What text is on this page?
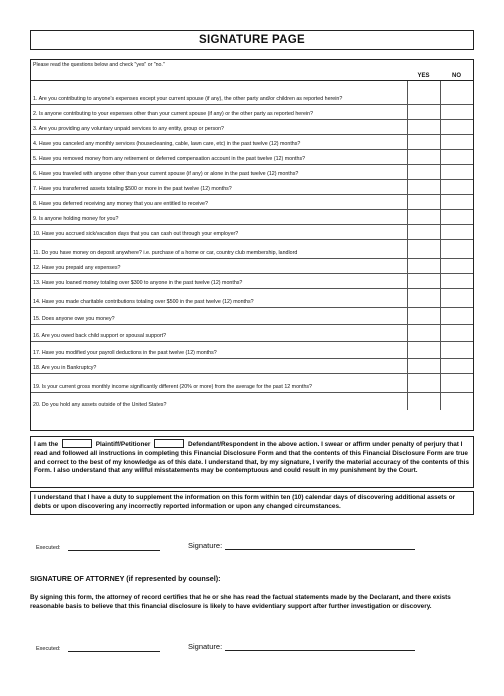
SIGNATURE PAGE
Please read the questions below and check "yes" or "no."
YES	NO
1. Are you contributing to anyone's expenses except your current spouse (if any), the other party and/or children as reported herein?
2. Is anyone contributing to your expenses other than your current spouse (if any) or the other party as reported herein?
3. Are you providing any voluntary unpaid services to any entity, group or person?
4. Have you canceled any monthly services (housecleaning, cable, lawn care, etc) in the past twelve (12) months?
5. Have you removed money from any retirement or deferred compensation account in the past twelve (12) months?
6. Have you traveled with anyone other than your current spouse (if any) or alone in the past twelve (12) months?
7. Have you transferred assets totaling $500 or more in the past twelve (12) months?
8. Have you deferred receiving any money that you are entitled to receive?
9. Is anyone holding money for you?
10. Have you accrued sick/vacation days that you can cash out through your employer?
11. Do you have money on deposit anywhere? i.e. purchase of a home or car, country club membership, landlord
12. Have you prepaid any expenses?
13. Have you loaned money totaling over $300 to anyone in the past twelve (12) months?
14. Have you made charitable contributions totaling over $500 in the past twelve (12) months?
15. Does anyone owe you money?
16. Are you owed back child support or spousal support?
17. Have you modified your payroll deductions in the past twelve (12) months?
18. Are you in Bankruptcy?
19. Is your current gross monthly income significantly different (20% or more) from the average for the past 12 months?
20. Do you hold any assets outside of the United States?
I am the	Plaintiff/Petitioner	Defendant/Respondent in the above action. I swear or affirm under penalty of perjury that I read and followed all instructions in completing this Financial Disclosure Form and that the contents of this Financial Disclosure Form are true and correct to the best of my knowledge as of this date. I understand that, by my signature, I verify the material accuracy of the contents of this Form. I also understand that any willful misstatements may be contemptuous and could result in my punishment by the Court.
I understand that I have a duty to supplement the information on this form within ten (10) calendar days of discovering additional assets or debts or upon discovering any incorrectly reported information or upon any changed circumstances.
Executed:	Signature:
SIGNATURE OF ATTORNEY (if represented by counsel):
By signing this form, the attorney of record certifies that he or she has read the factual statements made by the Declarant, and there exists reasonable basis to believe that this financial disclosure is likely to have evidentiary support after further investigation or discovery.
Executed:	Signature:
